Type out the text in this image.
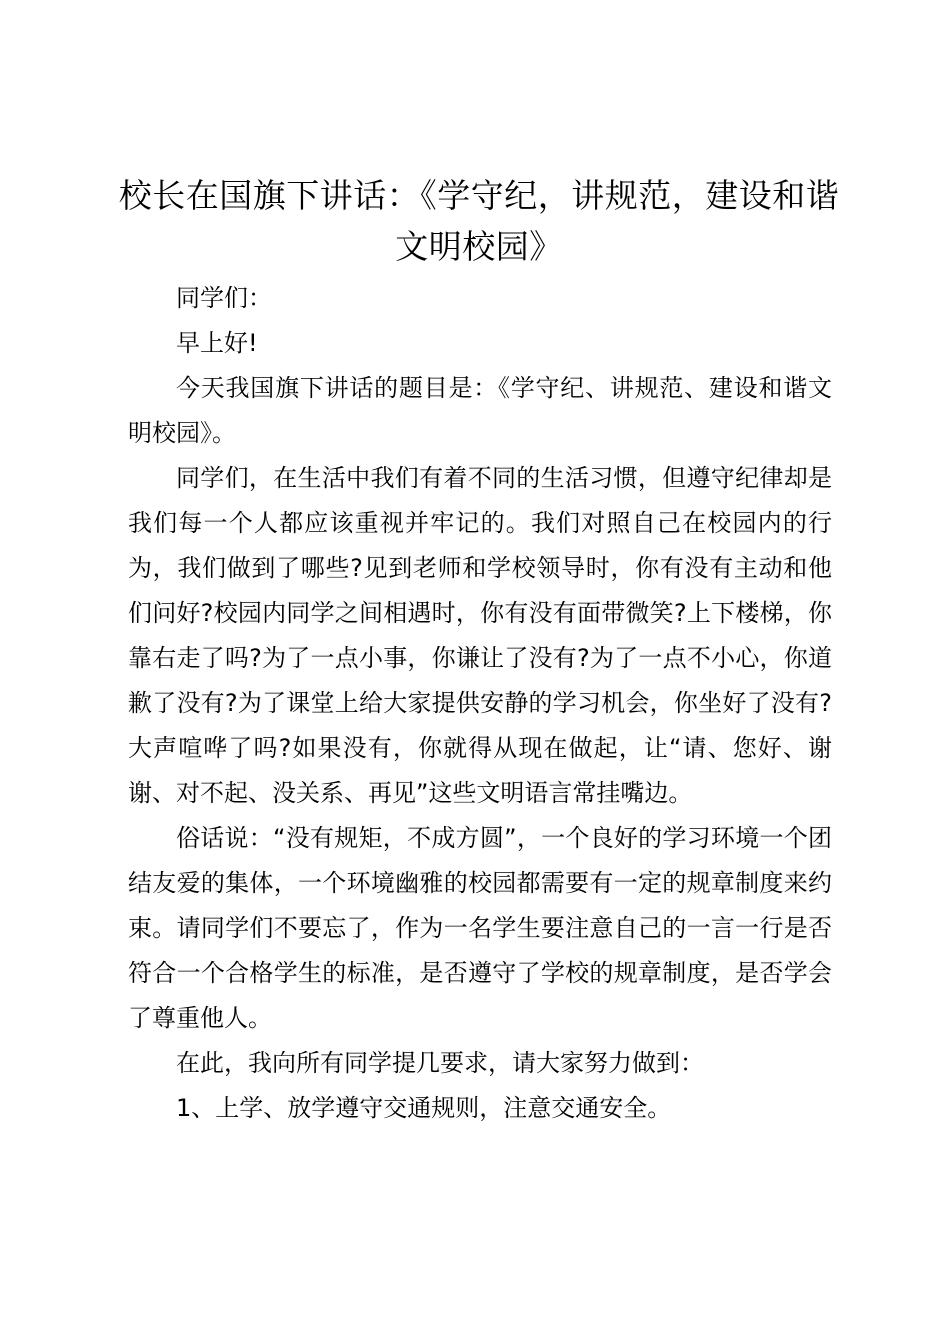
校长在国旗下讲话：《学守纪，讲规范，建设和谐文明校园》

同学们：

早上好!

今天我国旗下讲话的题目是：《学守纪、讲规范、建设和谐文明校园》。

同学们，在生活中我们有着不同的生活习惯，但遵守纪律却是我们每一个人都应该重视并牢记的。我们对照自己在校园内的行为，我们做到了哪些?见到老师和学校领导时，你有没有主动和他们问好?校园内同学之间相遇时，你有没有面带微笑?上下楼梯，你靠右走了吗?为了一点小事，你谦让了没有?为了一点不小心，你道歉了没有?为了课堂上给大家提供安静的学习机会，你坐好了没有?大声喧哗了吗?如果没有，你就得从现在做起，让“请、您好、谢谢、对不起、没关系、再见”这些文明语言常挂嘴边。

俗话说：“没有规矩，不成方圆”，一个良好的学习环境一个团结友爱的集体，一个环境幽雅的校园都需要有一定的规章制度来约束。请同学们不要忘了，作为一名学生要注意自己的一言一行是否符合一个合格学生的标准，是否遵守了学校的规章制度，是否学会了尊重他人。

在此，我向所有同学提几要求，请大家努力做到：

1、上学、放学遵守交通规则，注意交通安全。
